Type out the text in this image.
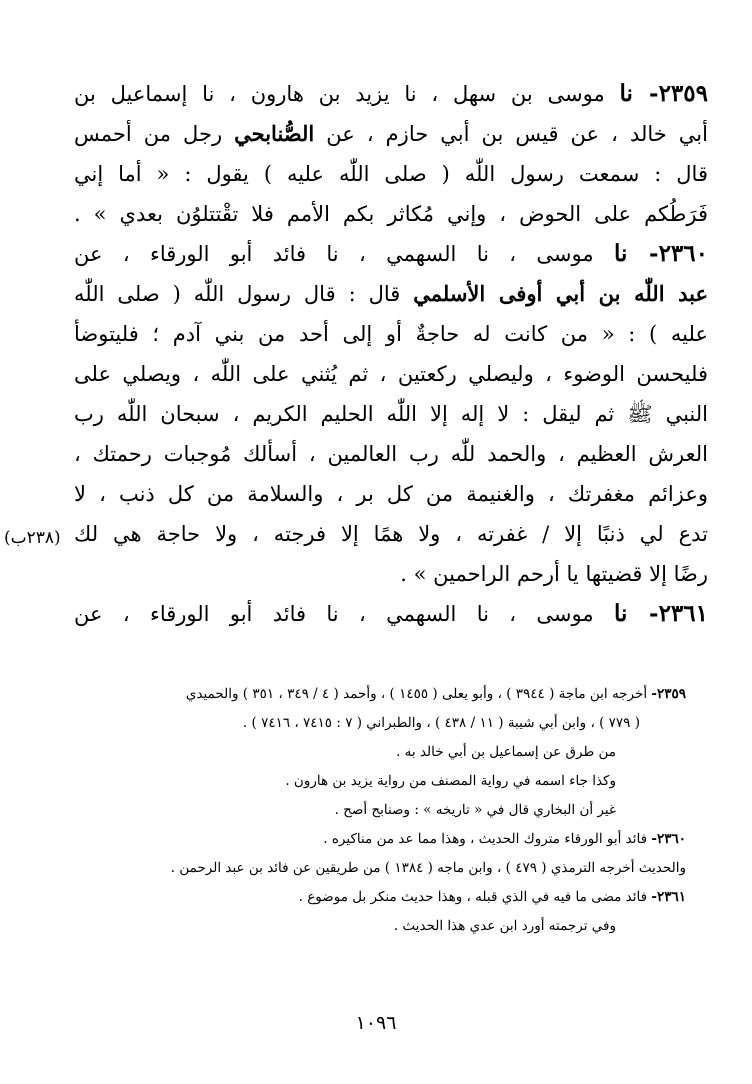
٢٣٥٩- نا موسى بن سهل ، نا يزيد بن هارون ، نا إسماعيل بن
أبي خالد ، عن قيس بن أبي حازم ، عن الصُّنابحي رجل من أحمس
قال : سمعت رسول اللّٰه ( صلى اللّٰه عليه ) يقول : « أما إني
فَرَطُكم على الحوض ، وإني مُكاثر بكم الأمم فلا تقْتتلوُن بعدي » .
٢٣٦٠- نا موسى ، نا السهمي ، نا فائد أبو الورقاء ، عن
عبد اللّٰه بن أبي أوفى الأسلمي قال : قال رسول اللّٰه ( صلى اللّٰه
عليه ) : « من كانت له حاجةٌ أو إلى أحد من بني آدم ؛ فليتوضأ
فليحسن الوضوء ، وليصلي ركعتين ، ثم يُثني على اللّٰه ، ويصلي على
النبي ﷺ ثم ليقل : لا إله إلا اللّٰه الحليم الكريم ، سبحان اللّٰه رب
العرش العظيم ، والحمد للّٰه رب العالمين ، أسألك مُوجبات رحمتك ،
وعزائم مغفرتك ، والغنيمة من كل بر ، والسلامة من كل ذنب ، لا
تدع لي ذنبًا إلا / غفرته ، ولا همًا إلا فرجته ، ولا حاجة هي لك
رضًا إلا قضيتها يا أرحم الراحمين » .
٢٣٦١- نا موسى ، نا السهمي ، نا فائد أبو الورقاء ، عن
(٢٣٨ب)
٢٣٥٩- أخرجه ابن ماجة ( ٣٩٤٤ ) ، وأبو يعلى ( ١٤٥٥ ) ، وأحمد ( ٤ / ٣٤٩ ، ٣٥١ ) والحميدي
( ٧٧٩ ) ، وابن أبي شيبة ( ١١ / ٤٣٨ ) ، والطبراني ( ٧ : ٧٤١٥ ، ٧٤١٦ ) .
من طرق عن إسماعيل بن أبي خالد به .
وكذا جاء اسمه في رواية المصنف من رواية يزيد بن هارون .
غير أن البخاري قال في « تاريخه » : وصنابح أصح .
٢٣٦٠- فائد أبو الورقاء متروك الحديث ، وهذا مما عد من مناكيره .
والحديث أخرجه الترمذي ( ٤٧٩ ) ، وابن ماجه ( ١٣٨٤ ) من طريقين عن فائد بن عبد الرحمن .
٢٣٦١- فائد مضى ما فيه في الذي قبله ، وهذا حديث منكر بل موضوع .
وفي ترجمته أورد ابن عدي هذا الحديث .
١٠٩٦
